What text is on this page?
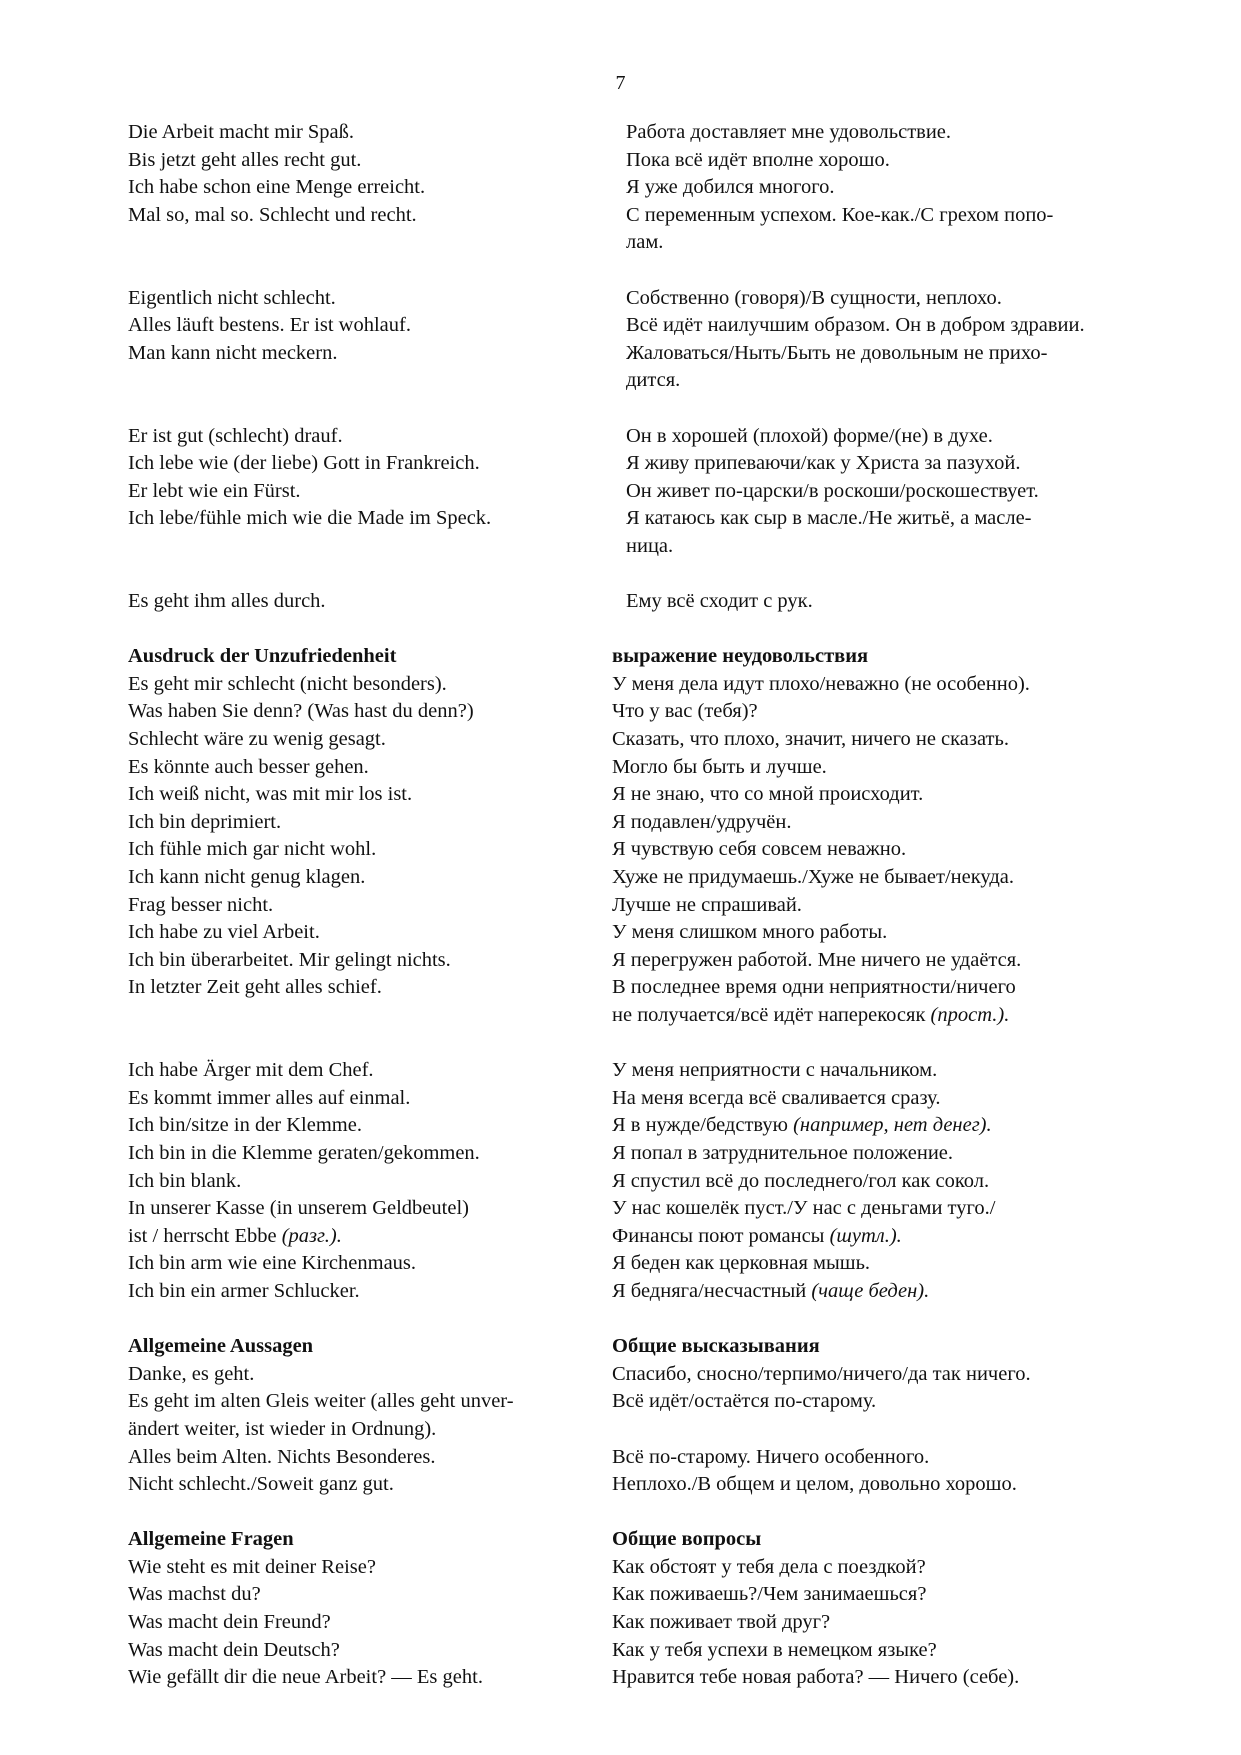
7
Die Arbeit macht mir Spaß.	Работа доставляет мне удовольствие.
Bis jetzt geht alles recht gut.	Пока всё идёт вполне хорошо.
Ich habe schon eine Menge erreicht.	Я уже добился многого.
Mal so, mal so. Schlecht und recht.	С переменным успехом. Кое-как./С грехом попо-
лам.
Eigentlich nicht schlecht.	Собственно (говоря)/В сущности, неплохо.
Alles läuft bestens. Er ist wohlauf.	Всё идёт наилучшим образом. Он в добром здравии.
Man kann nicht meckern.	Жаловаться/Ныть/Быть не довольным не прихо-
дится.
Er ist gut (schlecht) drauf.	Он в хорошей (плохой) форме/(не) в духе.
Ich lebe wie (der liebe) Gott in Frankreich.	Я живу припеваючи/как у Христа за пазухой.
Er lebt wie ein Fürst.	Он живет по-царски/в роскоши/роскошествует.
Ich lebe/fühle mich wie die Made im Speck.	Я катаюсь как сыр в масле./Не житьё, а масле-
ница.
Es geht ihm alles durch.	Ему всё сходит с рук.
Ausdruck der Unzufriedenheit	выражение неудовольствия
Es geht mir schlecht (nicht besonders).	У меня дела идут плохо/неважно (не особенно).
Was haben Sie denn? (Was hast du denn?)	Что у вас (тебя)?
Schlecht wäre zu wenig gesagt.	Сказать, что плохо, значит, ничего не сказать.
Es könnte auch besser gehen.	Могло бы быть и лучше.
Ich weiß nicht, was mit mir los ist.	Я не знаю, что со мной происходит.
Ich bin deprimiert.	Я подавлен/удручён.
Ich fühle mich gar nicht wohl.	Я чувствую себя совсем неважно.
Ich kann nicht genug klagen.	Хуже не придумаешь./Хуже не бывает/некуда.
Frag besser nicht.	Лучше не спрашивай.
Ich habe zu viel Arbeit.	У меня слишком много работы.
Ich bin überarbeitet. Mir gelingt nichts.	Я перегружен работой. Мне ничего не удаётся.
In letzter Zeit geht alles schief.	В последнее время одни неприятности/ничего
не получается/всё идёт наперекосяк (прост.).
Ich habe Ärger mit dem Chef.	У меня неприятности с начальником.
Es kommt immer alles auf einmal.	На меня всегда всё сваливается сразу.
Ich bin/sitze in der Klemme.	Я в нужде/бедствую (например, нет денег).
Ich bin in die Klemme geraten/gekommen.	Я попал в затруднительное положение.
Ich bin blank.	Я спустил всё до последнего/гол как сокол.
In unserer Kasse (in unserem Geldbeutel)	У нас кошелёк пуст./У нас с деньгами туго./
ist / herrscht Ebbe (разг.).	Финансы поют романсы (шутл.).
Ich bin arm wie eine Kirchenmaus.	Я беден как церковная мышь.
Ich bin ein armer Schlucker.	Я бедняга/несчастный (чаще беден).
Allgemeine Aussagen	Общие высказывания
Danke, es geht.	Спасибо, сносно/терпимо/ничего/да так ничего.
Es geht im alten Gleis weiter (alles geht unver-	Всё идёт/остаётся по-старому.
ändert weiter, ist wieder in Ordnung).
Alles beim Alten. Nichts Besonderes.	Всё по-старому. Ничего особенного.
Nicht schlecht./Soweit ganz gut.	Неплохо./В общем и целом, довольно хорошо.
Allgemeine Fragen	Общие вопросы
Wie steht es mit deiner Reise?	Как обстоят у тебя дела с поездкой?
Was machst du?	Как поживаешь?/Чем занимаешься?
Was macht dein Freund?	Как поживает твой друг?
Was macht dein Deutsch?	Как у тебя успехи в немецком языке?
Wie gefällt dir die neue Arbeit? — Es geht.	Нравится тебе новая работа? — Ничего (себе).
